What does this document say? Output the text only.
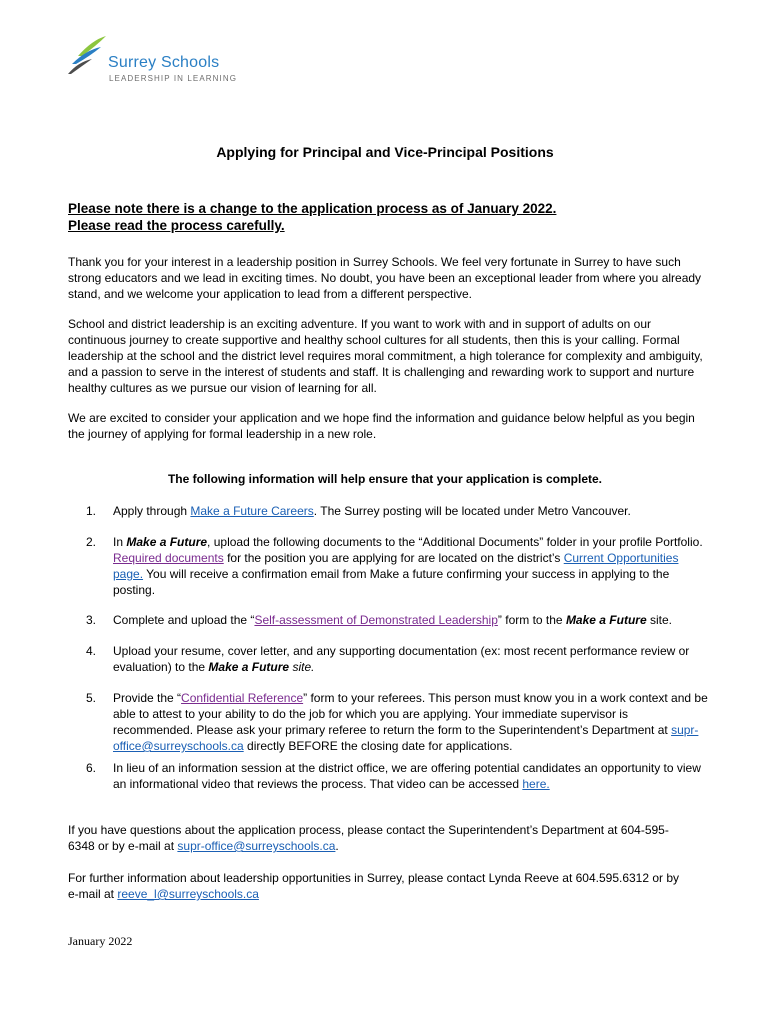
Surrey Schools
LEADERSHIP IN LEARNING
Applying for Principal and Vice-Principal Positions
Please note there is a change to the application process as of January 2022.
Please read the process carefully.
Thank you for your interest in a leadership position in Surrey Schools. We feel very fortunate in Surrey to have such strong educators and we lead in exciting times. No doubt, you have been an exceptional leader from where you already stand, and we welcome your application to lead from a different perspective.
School and district leadership is an exciting adventure. If you want to work with and in support of adults on our continuous journey to create supportive and healthy school cultures for all students, then this is your calling. Formal leadership at the school and the district level requires moral commitment, a high tolerance for complexity and ambiguity, and a passion to serve in the interest of students and staff. It is challenging and rewarding work to support and nurture healthy cultures as we pursue our vision of learning for all.
We are excited to consider your application and we hope find the information and guidance below helpful as you begin the journey of applying for formal leadership in a new role.
The following information will help ensure that your application is complete.
1. Apply through Make a Future Careers. The Surrey posting will be located under Metro Vancouver.
2. In Make a Future, upload the following documents to the “Additional Documents” folder in your profile Portfolio. Required documents for the position you are applying for are located on the district’s Current Opportunities page. You will receive a confirmation email from Make a future confirming your success in applying to the posting.
3. Complete and upload the “Self-assessment of Demonstrated Leadership” form to the Make a Future site.
4. Upload your resume, cover letter, and any supporting documentation (ex: most recent performance review or evaluation) to the Make a Future site.
5. Provide the “Confidential Reference” form to your referees. This person must know you in a work context and be able to attest to your ability to do the job for which you are applying. Your immediate supervisor is recommended. Please ask your primary referee to return the form to the Superintendent’s Department at supr-office@surreyschools.ca directly BEFORE the closing date for applications.
6. In lieu of an information session at the district office, we are offering potential candidates an opportunity to view an informational video that reviews the process. That video can be accessed here.
If you have questions about the application process, please contact the Superintendent’s Department at 604-595-6348 or by e-mail at supr-office@surreyschools.ca.
For further information about leadership opportunities in Surrey, please contact Lynda Reeve at 604.595.6312 or by e-mail at reeve_l@surreyschools.ca
January 2022
